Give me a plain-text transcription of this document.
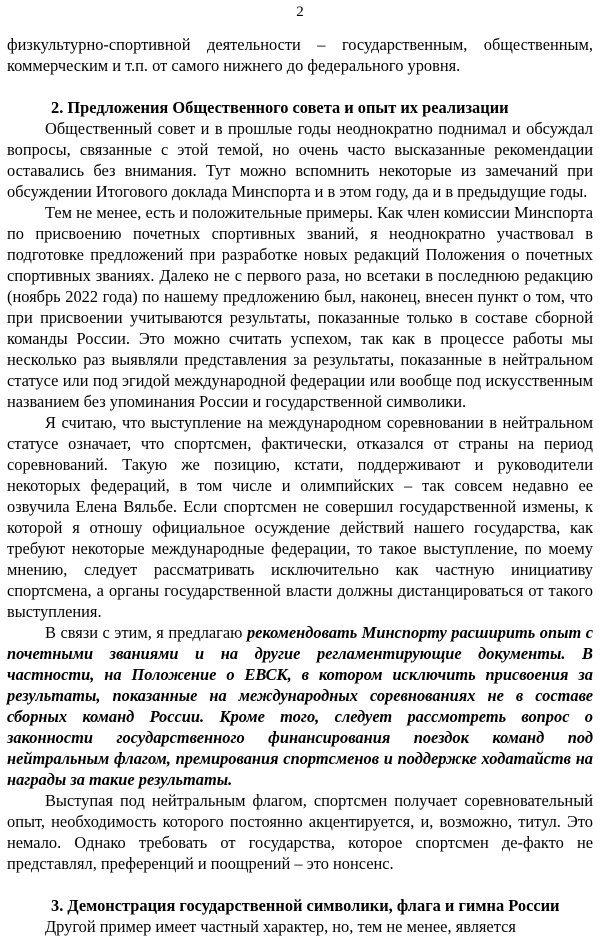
2

физкультурно-спортивной деятельности – государственным, общественным, коммерческим и т.п. от самого нижнего до федерального уровня.

2. Предложения Общественного совета и опыт их реализации

Общественный совет и в прошлые годы неоднократно поднимал и обсуждал вопросы, связанные с этой темой, но очень часто высказанные рекомендации оставались без внимания. Тут можно вспомнить некоторые из замечаний при обсуждении Итогового доклада Минспорта и в этом году, да и в предыдущие годы.

Тем не менее, есть и положительные примеры. Как член комиссии Минспорта по присвоению почетных спортивных званий, я неоднократно участвовал в подготовке предложений при разработке новых редакций Положения о почетных спортивных званиях. Далеко не с первого раза, но всетаки в последнюю редакцию (ноябрь 2022 года) по нашему предложению был, наконец, внесен пункт о том, что при присвоении учитываются результаты, показанные только в составе сборной команды России. Это можно считать успехом, так как в процессе работы мы несколько раз выявляли представления за результаты, показанные в нейтральном статусе или под эгидой международной федерации или вообще под искусственным названием без упоминания России и государственной символики.

Я считаю, что выступление на международном соревновании в нейтральном статусе означает, что спортсмен, фактически, отказался от страны на период соревнований. Такую же позицию, кстати, поддерживают и руководители некоторых федераций, в том числе и олимпийских – так совсем недавно ее озвучила Елена Вяльбе. Если спортсмен не совершил государственной измены, к которой я отношу официальное осуждение действий нашего государства, как требуют некоторые международные федерации, то такое выступление, по моему мнению, следует рассматривать исключительно как частную инициативу спортсмена, а органы государственной власти должны дистанцироваться от такого выступления.

В связи с этим, я предлагаю рекомендовать Минспорту расширить опыт с почетными званиями и на другие регламентирующие документы. В частности, на Положение о ЕВСК, в котором исключить присвоения за результаты, показанные на международных соревнованиях не в составе сборных команд России. Кроме того, следует рассмотреть вопрос о законности государственного финансирования поездок команд под нейтральным флагом, премирования спортсменов и поддержке ходатайств на награды за такие результаты.

Выступая под нейтральным флагом, спортсмен получает соревновательный опыт, необходимость которого постоянно акцентируется, и, возможно, титул. Это немало. Однако требовать от государства, которое спортсмен де-факто не представлял, преференций и поощрений – это нонсенс.

3. Демонстрация государственной символики, флага и гимна России

Другой пример имеет частный характер, но, тем не менее, является
